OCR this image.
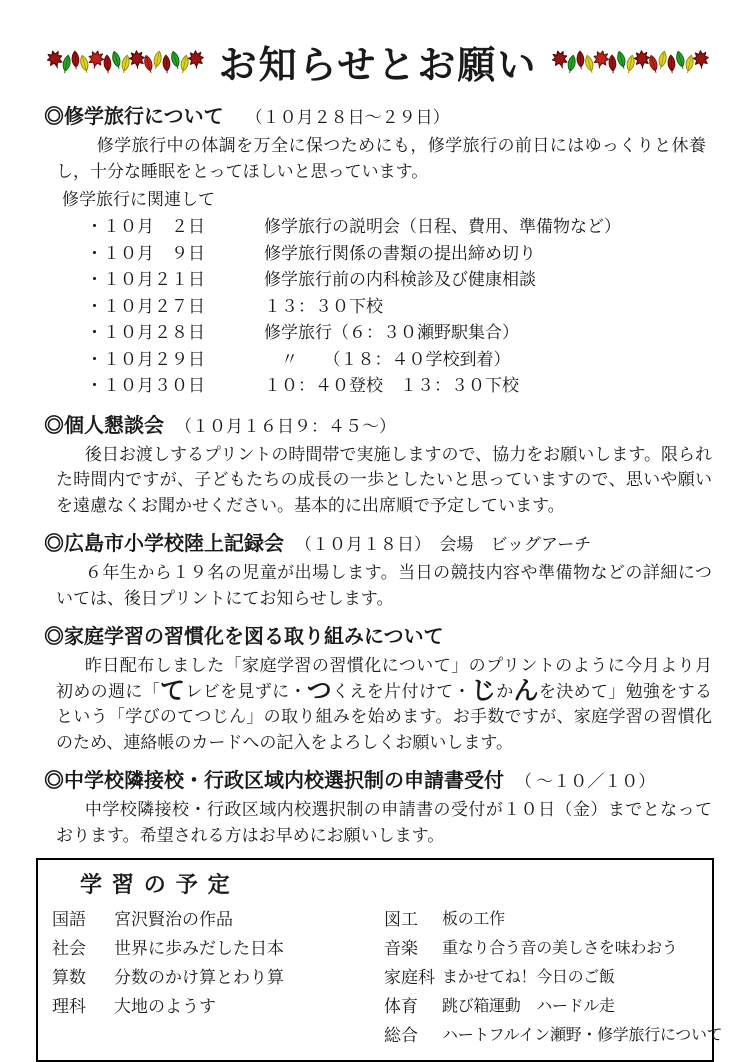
お知らせとお願い
◎修学旅行について （１０月２８日～２９日）

修学旅行中の体調を万全に保つためにも，修学旅行の前日にはゆっくりと休養し，十分な睡眠をとってほしいと思っています。

修学旅行に関連して

・１０月　２日	修学旅行の説明会（日程、費用、準備物など）
・１０月　９日	修学旅行関係の書類の提出締め切り
・１０月２１日	修学旅行前の内科検診及び健康相談
・１０月２７日	１３：３０下校
・１０月２８日	修学旅行（６：３０瀬野駅集合）
・１０月２９日	　〃　　（１８：４０学校到着）
・１０月３０日	１０：４０登校　１３：３０下校
◎個人懇談会 （１０月１６日９：４５～）

後日お渡しするプリントの時間帯で実施しますので、協力をお願いします。限られた時間内ですが、子どもたちの成長の一歩としたいと思っていますので、思いや願いを遠慮なくお聞かせください。基本的に出席順で予定しています。

◎広島市小学校陸上記録会 （１０月１８日）　会場　ビッグアーチ

６年生から１９名の児童が出場します。当日の競技内容や準備物などの詳細については、後日プリントにてお知らせします。

◎家庭学習の習慣化を図る取り組みについて

昨日配布しました「家庭学習の習慣化について」のプリントのように今月より月初めの週に「てレビを見ずに・つくえを片付けて・じかんを決めて」勉強をするという「学びのてつじん」の取り組みを始めます。お手数ですが、家庭学習の習慣化のため、連絡帳のカードへの記入をよろしくお願いします。

◎中学校隣接校・行政区域内校選択制の申請書受付 （ ～１０／１０）

中学校隣接校・行政区域内校選択制の申請書の受付が１０日（金）までとなっております。希望される方はお早めにお願いします。

学習の予定
国語	宮沢賢治の作品
社会	世界に歩みだした日本
算数	分数のかけ算とわり算
理科	大地のようす
図工	板の工作
音楽	重なり合う音の美しさを味わおう
家庭科 まかせてね！今日のご飯
体育	跳び箱運動　ハードル走
総合	ハートフルイン瀬野・修学旅行について
